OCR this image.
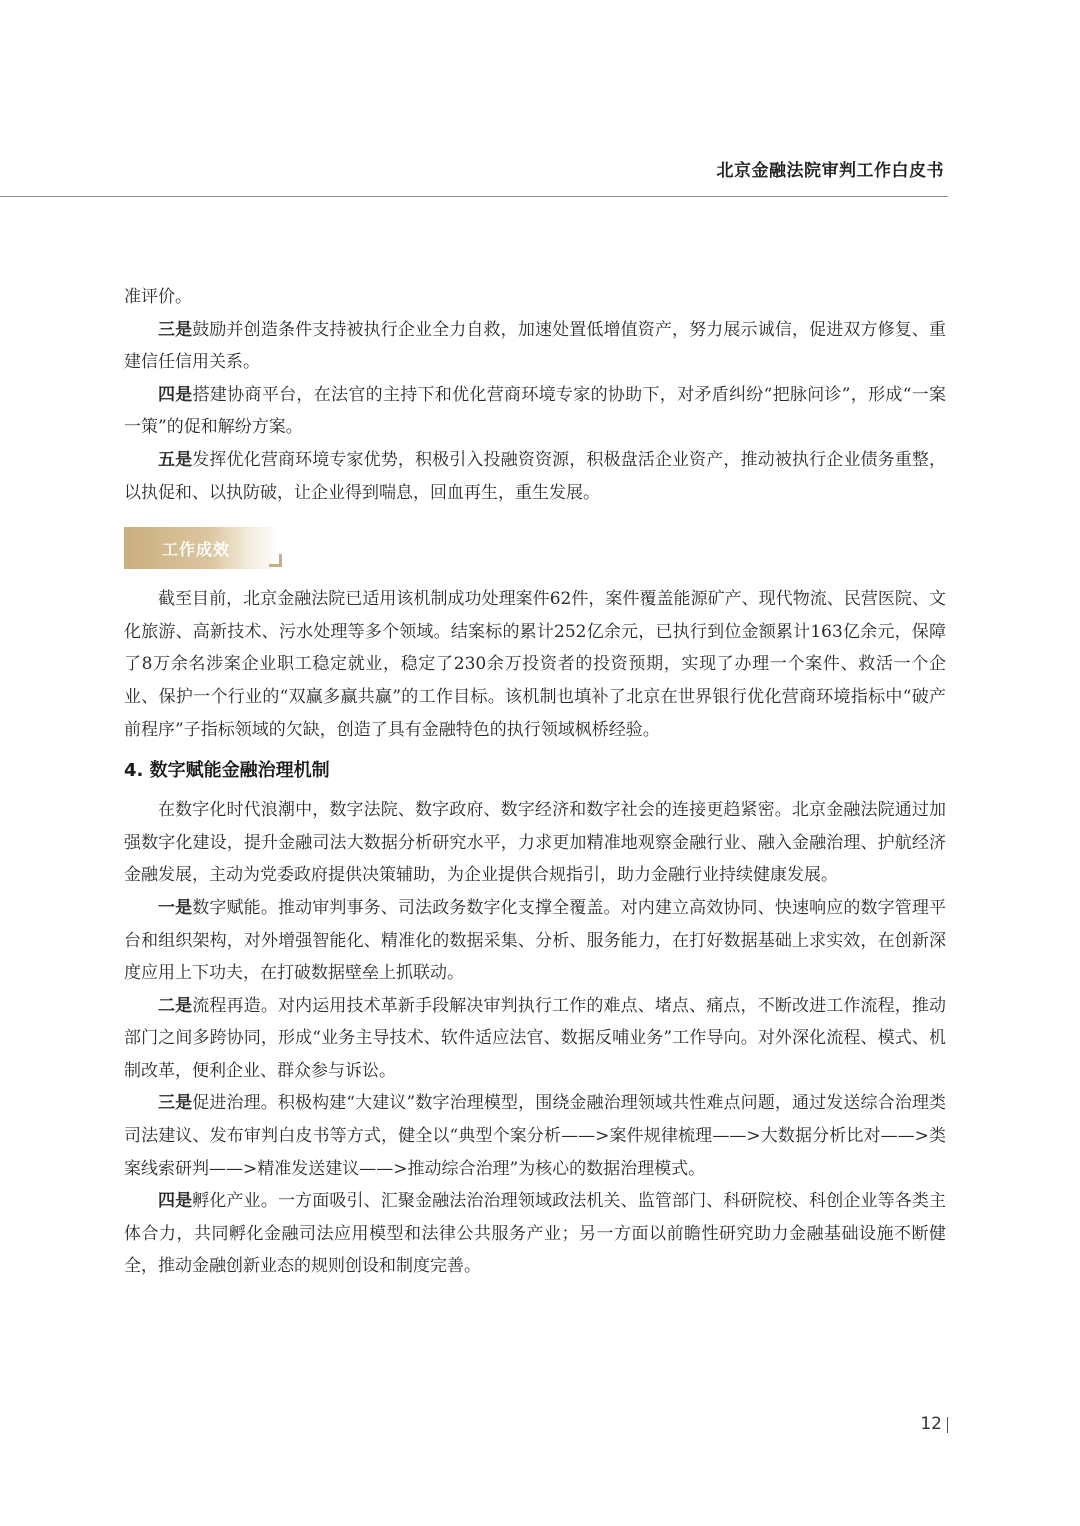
北京金融法院审判工作白皮书

准评价。

三是鼓励并创造条件支持被执行企业全力自救，加速处置低增值资产，努力展示诚信，促进双方修复、重建信任信用关系。

四是搭建协商平台，在法官的主持下和优化营商环境专家的协助下，对矛盾纠纷“把脉问诊”，形成“一案一策”的促和解纷方案。

五是发挥优化营商环境专家优势，积极引入投融资资源，积极盘活企业资产，推动被执行企业债务重整，以执促和、以执防破，让企业得到喘息，回血再生，重生发展。

工作成效

截至目前，北京金融法院已适用该机制成功处理案件62件，案件覆盖能源矿产、现代物流、民营医院、文化旅游、高新技术、污水处理等多个领域。结案标的累计252亿余元，已执行到位金额累计163亿余元，保障了8万余名涉案企业职工稳定就业，稳定了230余万投资者的投资预期，实现了办理一个案件、救活一个企业、保护一个行业的“双赢多赢共赢”的工作目标。该机制也填补了北京在世界银行优化营商环境指标中“破产前程序”子指标领域的欠缺，创造了具有金融特色的执行领域枫桥经验。

4. 数字赋能金融治理机制

在数字化时代浪潮中，数字法院、数字政府、数字经济和数字社会的连接更趋紧密。北京金融法院通过加强数字化建设，提升金融司法大数据分析研究水平，力求更加精准地观察金融行业、融入金融治理、护航经济金融发展，主动为党委政府提供决策辅助，为企业提供合规指引，助力金融行业持续健康发展。

一是数字赋能。推动审判事务、司法政务数字化支撑全覆盖。对内建立高效协同、快速响应的数字管理平台和组织架构，对外增强智能化、精准化的数据采集、分析、服务能力，在打好数据基础上求实效，在创新深度应用上下功夫，在打破数据壁垒上抓联动。

二是流程再造。对内运用技术革新手段解决审判执行工作的难点、堵点、痛点，不断改进工作流程，推动部门之间多跨协同，形成“业务主导技术、软件适应法官、数据反哺业务”工作导向。对外深化流程、模式、机制改革，便利企业、群众参与诉讼。

三是促进治理。积极构建“大建议”数字治理模型，围绕金融治理领域共性难点问题，通过发送综合治理类司法建议、发布审判白皮书等方式，健全以“典型个案分析——>案件规律梳理——>大数据分析比对——>类案线索研判——>精准发送建议——>推动综合治理”为核心的数据治理模式。

四是孵化产业。一方面吸引、汇聚金融法治治理领域政法机关、监管部门、科研院校、科创企业等各类主体合力，共同孵化金融司法应用模型和法律公共服务产业；另一方面以前瞻性研究助力金融基础设施不断健全，推动金融创新业态的规则创设和制度完善。

12
